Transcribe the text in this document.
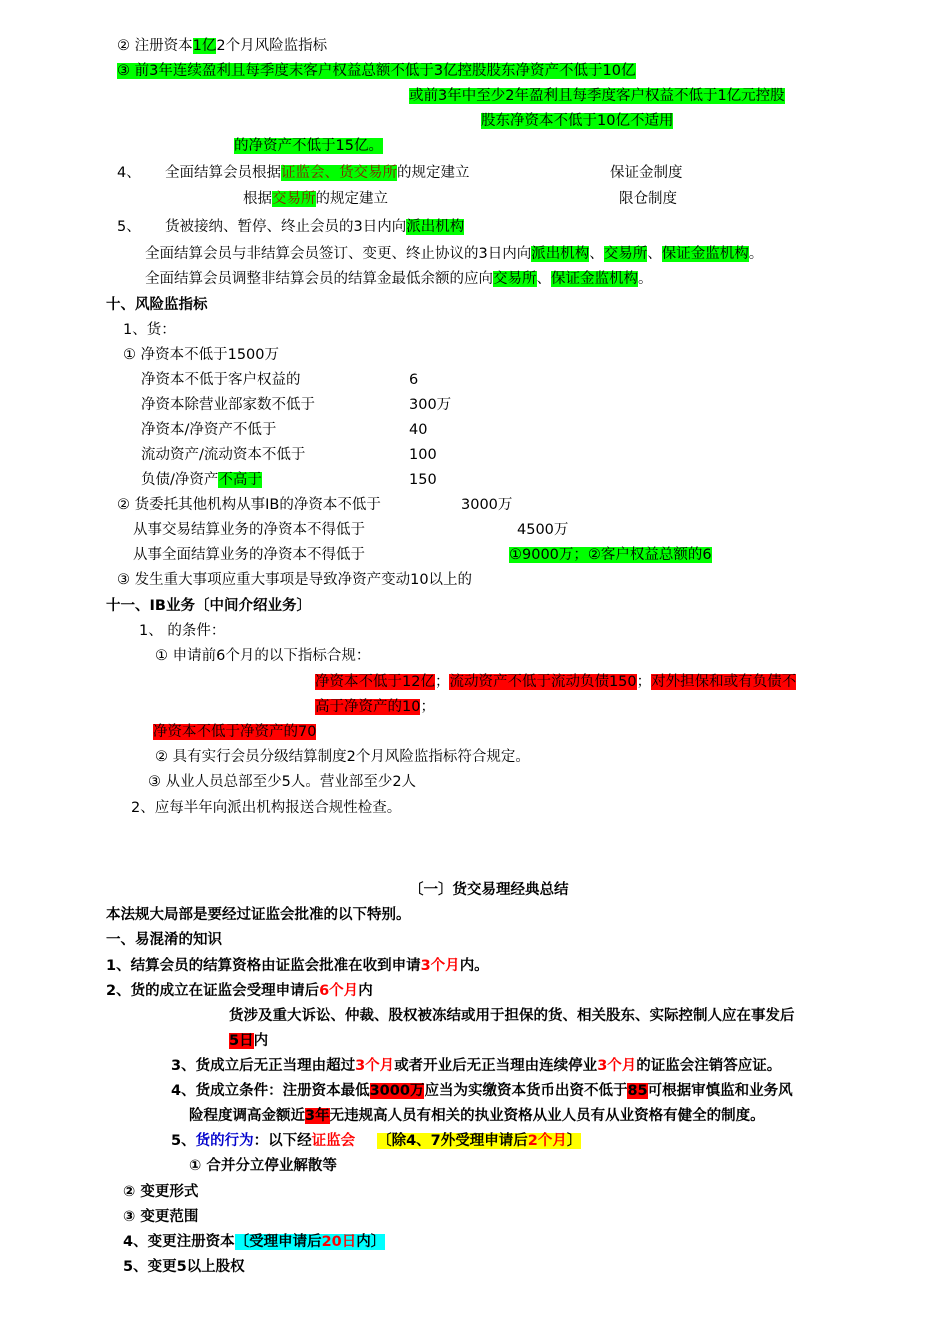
② 注册资本1亿2个月风险监指标
③ 前3年连续盈利且每季度末客户权益总额不低于3亿控股股东净资产不低于10亿
或前3年中至少2年盈利且每季度客户权益不低于1亿元控股
股东净资本不低于10亿不适用
的净资产不低于15亿。
4、 全面结算会员根据证监会、货交易所的规定建立	保证金制度
根据交易所的规定建立	限仓制度
5、 货被接纳、暂停、终止会员的3日内向派出机构
全面结算会员与非结算会员签订、变更、终止协议的3日内向派出机构、交易所、保证金监机构。
全面结算会员调整非结算会员的结算金最低余额的应向交易所、保证金监机构。
十、风险监指标
1、货：
① 净资本不低于1500万
净资本不低于客户权益的	6
净资本除营业部家数不低于	300万
净资本/净资产不低于	40
流动资产/流动资本不低于	100
负债/净资产不高于	150
② 货委托其他机构从事IB的净资本不低于	3000万
从事交易结算业务的净资本不得低于	4500万
从事全面结算业务的净资本不得低于	①9000万；②客户权益总额的6
③ 发生重大事项应重大事项是导致净资产变动10以上的
十一、IB业务〔中间介绍业务〕
1、 的条件：
① 申请前6个月的以下指标合规：
净资本不低于12亿；流动资产不低于流动负债150；对外担保和或有负债不
高于净资产的10；
净资本不低于净资产的70
② 具有实行会员分级结算制度2个月风险监指标符合规定。
③ 从业人员总部至少5人。营业部至少2人
2、应每半年向派出机构报送合规性检查。
〔一〕货交易理经典总结
本法规大局部是要经过证监会批准的以下特别。
一、易混淆的知识
1、结算会员的结算资格由证监会批准在收到申请3个月内。
2、货的成立在证监会受理申请后6个月内
货涉及重大诉讼、仲裁、股权被冻结或用于担保的货、相关股东、实际控制人应在事发后
5日内
3、货成立后无正当理由超过3个月或者开业后无正当理由连续停业3个月的证监会注销答应证。
4、货成立条件：注册资本最低3000万应当为实缴资本货币出资不低于85可根据审慎监和业务风
险程度调高金额近3年无违规高人员有相关的执业资格从业人员有从业资格有健全的制度。
5、货的行为：以下经证监会 〔除4、7外受理申请后2个月〕
① 合并分立停业解散等
② 变更形式
③ 变更范围
4、变更注册资本〔受理申请后20日内〕
5、变更5以上股权
